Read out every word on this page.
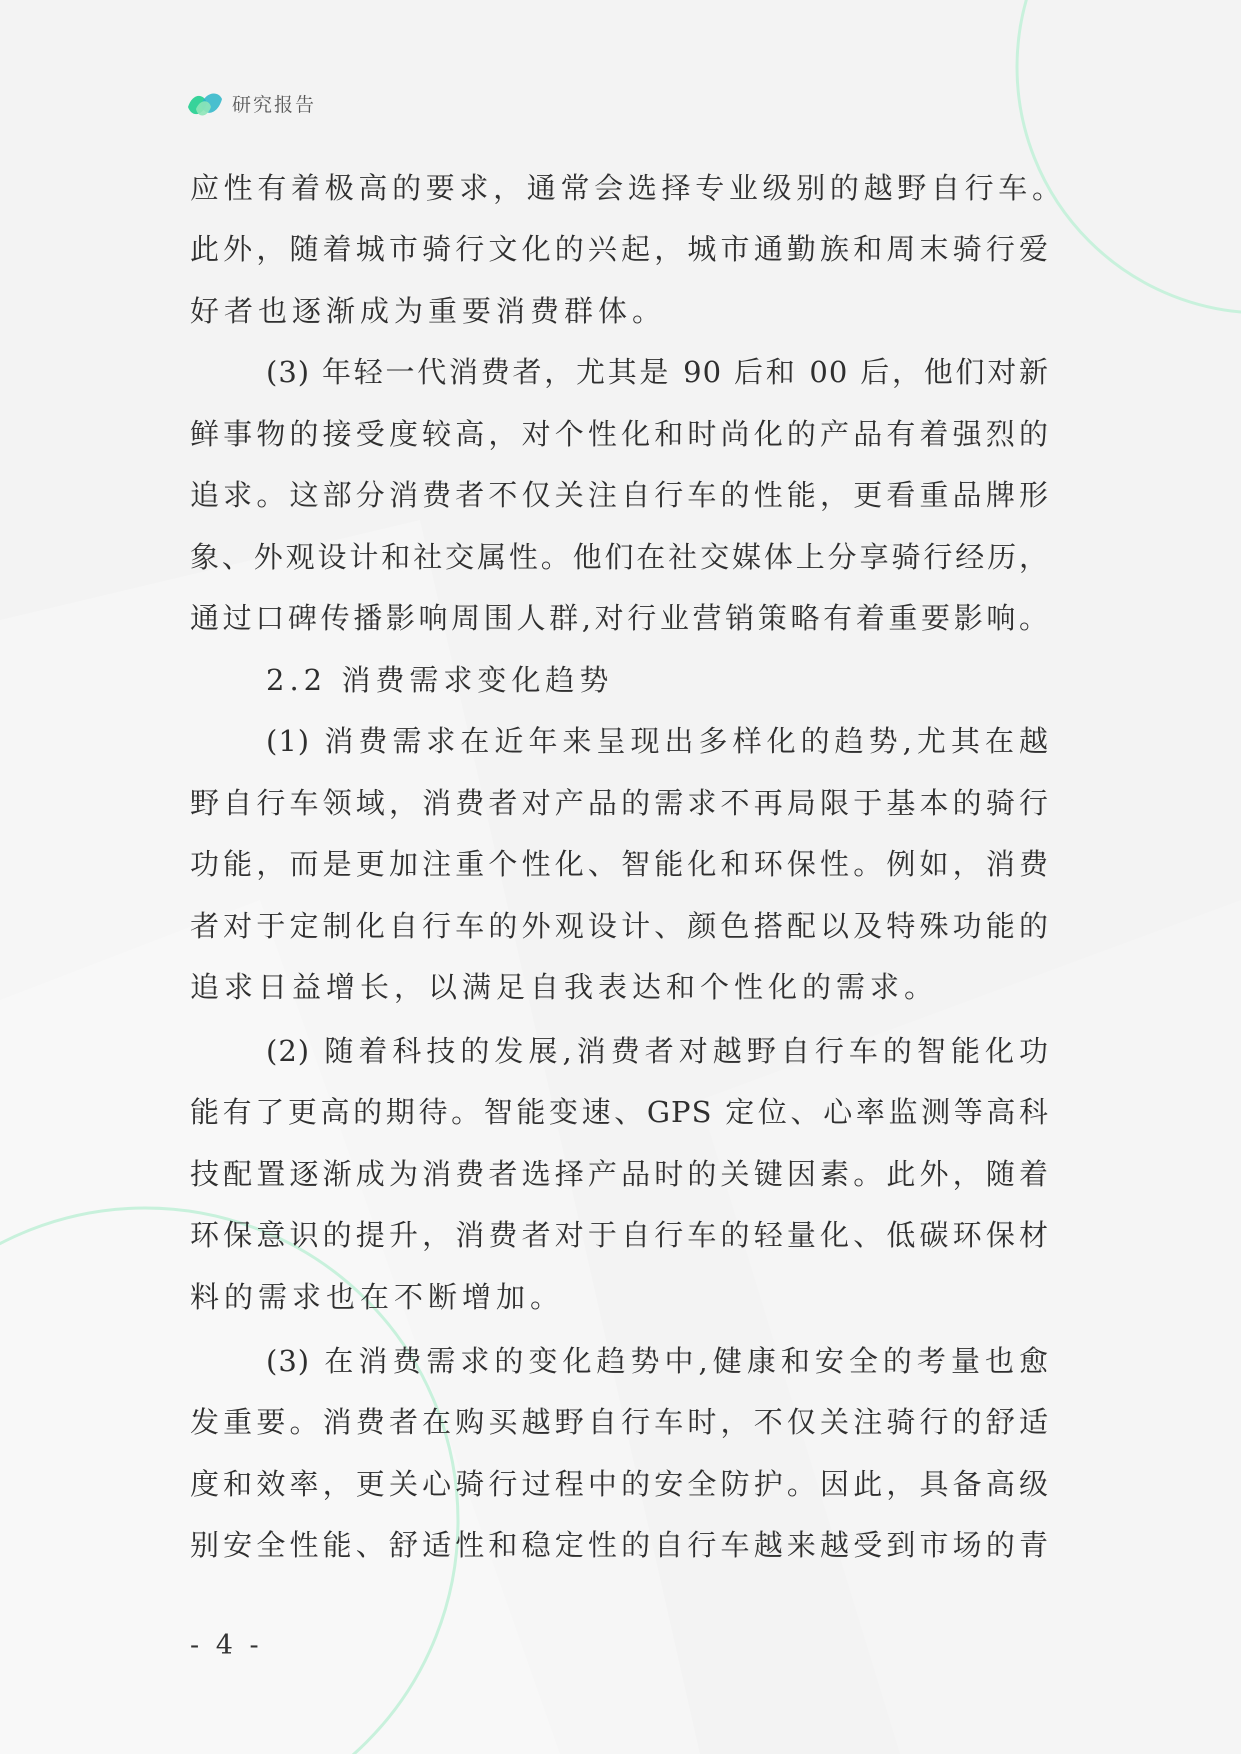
研究报告
应性有着极高的要求，通常会选择专业级别的越野自行车。
此外，随着城市骑行文化的兴起，城市通勤族和周末骑行爱
好者也逐渐成为重要消费群体。
(3) 年轻一代消费者，尤其是 90 后和 00 后，他们对新
鲜事物的接受度较高，对个性化和时尚化的产品有着强烈的
追求。这部分消费者不仅关注自行车的性能，更看重品牌形
象、外观设计和社交属性。他们在社交媒体上分享骑行经历，
通过口碑传播影响周围人群,对行业营销策略有着重要影响。
2.2 消费需求变化趋势
(1) 消费需求在近年来呈现出多样化的趋势,尤其在越
野自行车领域，消费者对产品的需求不再局限于基本的骑行
功能，而是更加注重个性化、智能化和环保性。例如，消费
者对于定制化自行车的外观设计、颜色搭配以及特殊功能的
追求日益增长，以满足自我表达和个性化的需求。
(2) 随着科技的发展,消费者对越野自行车的智能化功
能有了更高的期待。智能变速、GPS 定位、心率监测等高科
技配置逐渐成为消费者选择产品时的关键因素。此外，随着
环保意识的提升，消费者对于自行车的轻量化、低碳环保材
料的需求也在不断增加。
(3) 在消费需求的变化趋势中,健康和安全的考量也愈
发重要。消费者在购买越野自行车时，不仅关注骑行的舒适
度和效率，更关心骑行过程中的安全防护。因此，具备高级
别安全性能、舒适性和稳定性的自行车越来越受到市场的青
- 4 -
